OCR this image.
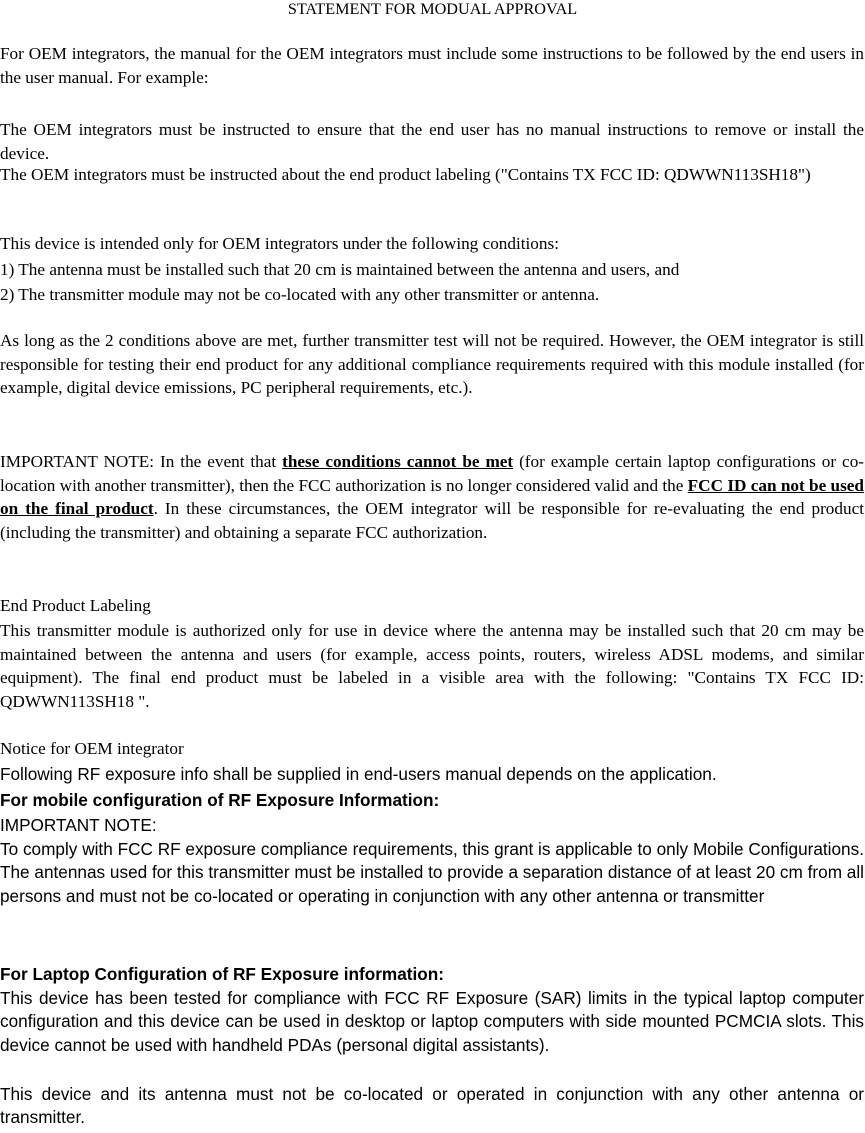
STATEMENT FOR MODUAL APPROVAL

For OEM integrators, the manual for the OEM integrators must include some instructions to be followed by the end users in the user manual. For example:

The OEM integrators must be instructed to ensure that the end user has no manual instructions to remove or install the device.

The OEM integrators must be instructed about the end product labeling ("Contains TX FCC ID: QDWWN113SH18")

This device is intended only for OEM integrators under the following conditions:

1) The antenna must be installed such that 20 cm is maintained between the antenna and users, and

2) The transmitter module may not be co-located with any other transmitter or antenna.

As long as the 2 conditions above are met, further transmitter test will not be required. However, the OEM integrator is still responsible for testing their end product for any additional compliance requirements required with this module installed (for example, digital device emissions, PC peripheral requirements, etc.).

IMPORTANT NOTE: In the event that these conditions cannot be met (for example certain laptop configurations or co-location with another transmitter), then the FCC authorization is no longer considered valid and the FCC ID can not be used on the final product. In these circumstances, the OEM integrator will be responsible for re-evaluating the end product (including the transmitter) and obtaining a separate FCC authorization.

End Product Labeling

This transmitter module is authorized only for use in device where the antenna may be installed such that 20 cm may be maintained between the antenna and users (for example, access points, routers, wireless ADSL modems, and similar equipment). The final end product must be labeled in a visible area with the following: "Contains TX FCC ID: QDWWN113SH18 ".

Notice for OEM integrator

Following RF exposure info shall be supplied in end-users manual depends on the application.

For mobile configuration of RF Exposure Information:

IMPORTANT NOTE:

To comply with FCC RF exposure compliance requirements, this grant is applicable to only Mobile Configurations. The antennas used for this transmitter must be installed to provide a separation distance of at least 20 cm from all persons and must not be co-located or operating in conjunction with any other antenna or transmitter

For Laptop Configuration of RF Exposure information:

This device has been tested for compliance with FCC RF Exposure (SAR) limits in the typical laptop computer configuration and this device can be used in desktop or laptop computers with side mounted PCMCIA slots. This device cannot be used with handheld PDAs (personal digital assistants).

This device and its antenna must not be co-located or operated in conjunction with any other antenna or transmitter.
